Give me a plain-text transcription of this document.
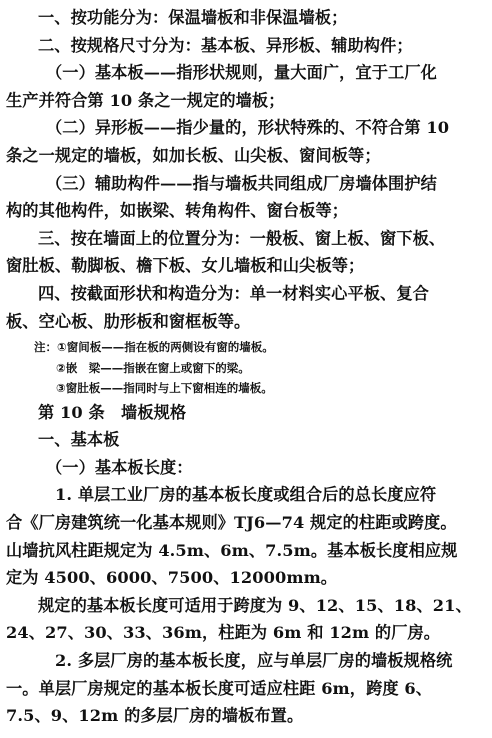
一、按功能分为：保温墙板和非保温墙板；
二、按规格尺寸分为：基本板、异形板、辅助构件；
（一）基本板——指形状规则，量大面广，宜于工厂化
生产并符合第 10 条之一规定的墙板；
（二）异形板——指少量的，形状特殊的、不符合第 10
条之一规定的墙板，如加长板、山尖板、窗间板等；
（三）辅助构件——指与墙板共同组成厂房墙体围护结
构的其他构件，如嵌梁、转角构件、窗台板等；
三、按在墙面上的位置分为：一般板、窗上板、窗下板、
窗肚板、勒脚板、檐下板、女儿墙板和山尖板等；
四、按截面形状和构造分为：单一材料实心平板、复合
板、空心板、肋形板和窗框板等。
注：①窗间板——指在板的两侧设有窗的墙板。
②嵌　梁——指嵌在窗上或窗下的梁。
③窗肚板——指同时与上下窗相连的墙板。
第 10 条　墙板规格
一、基本板
（一）基本板长度：
1. 单层工业厂房的基本板长度或组合后的总长度应符
合《厂房建筑统一化基本规则》TJ6—74 规定的柱距或跨度。
山墙抗风柱距规定为 4.5m、6m、7.5m。基本板长度相应规
定为 4500、6000、7500、12000mm。
规定的基本板长度可适用于跨度为 9、12、15、18、21、
24、27、30、33、36m，柱距为 6m 和 12m 的厂房。
2. 多层厂房的基本板长度，应与单层厂房的墙板规格统
一。单层厂房规定的基本板长度可适应柱距 6m，跨度 6、
7.5、9、12m 的多层厂房的墙板布置。
